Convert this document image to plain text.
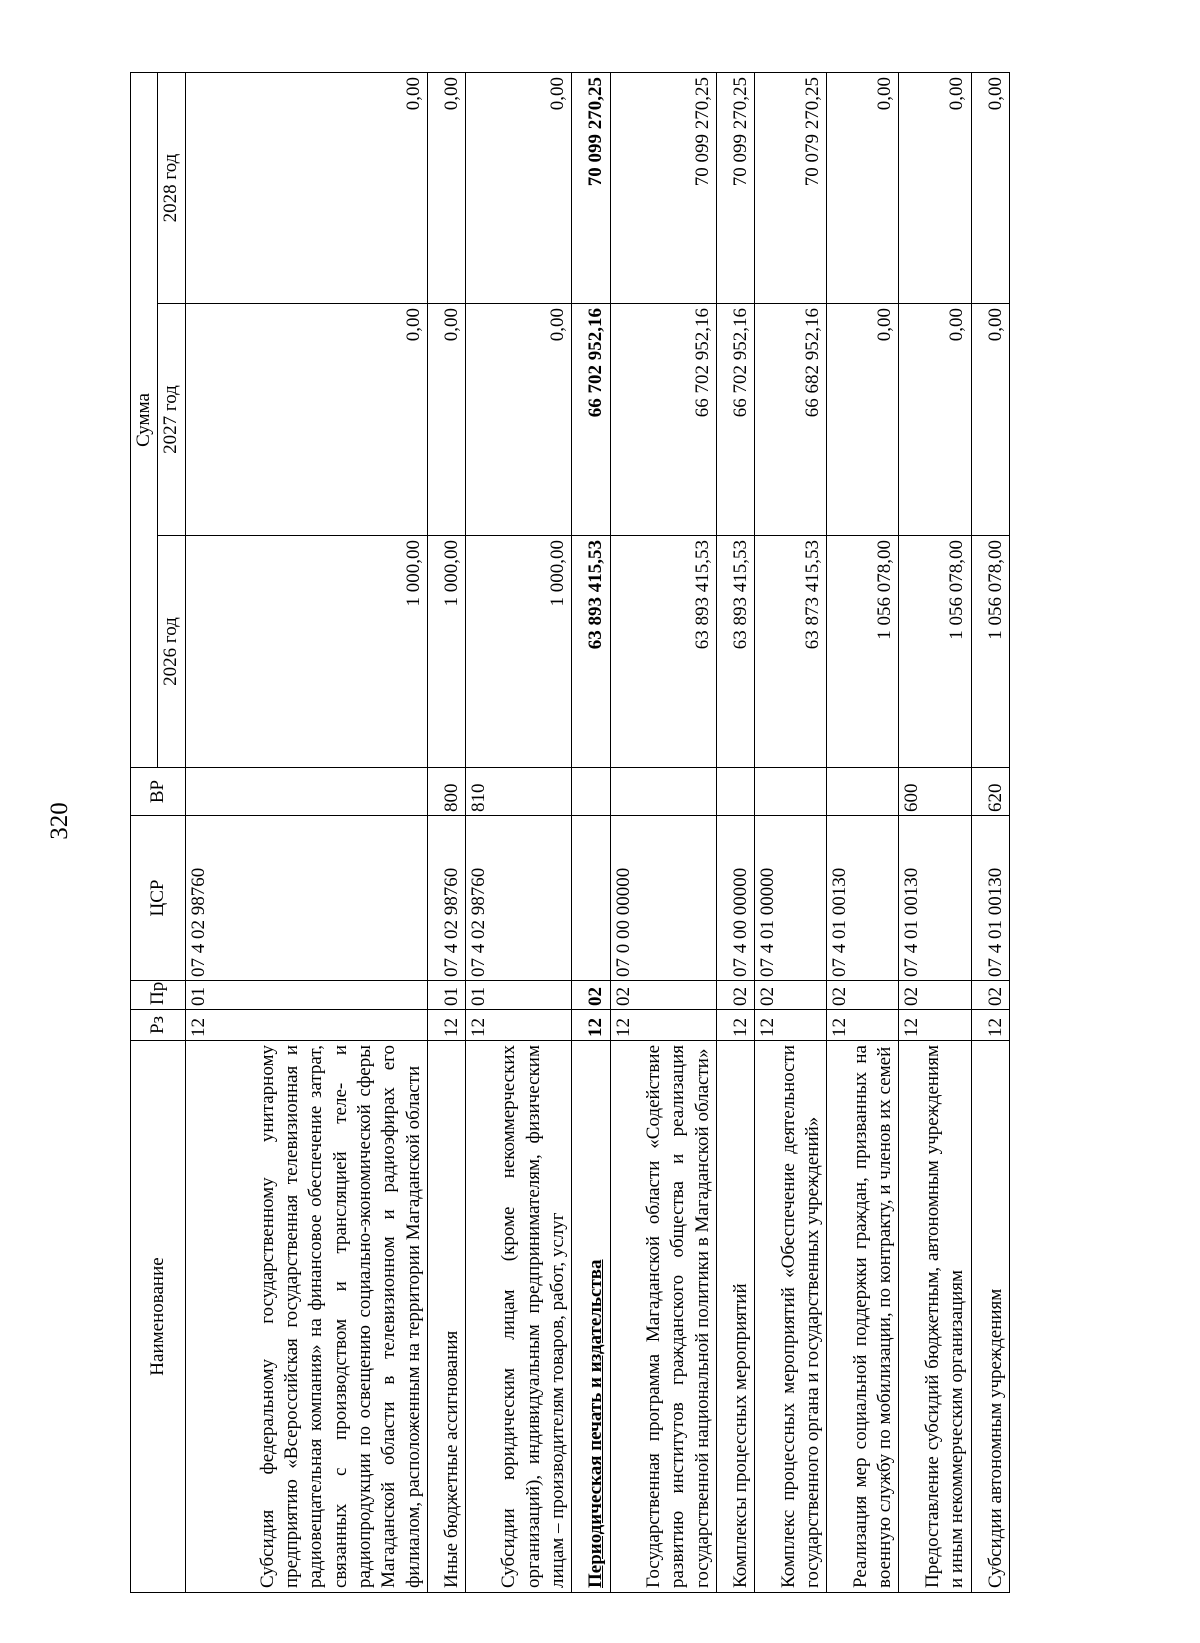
320
Наименование	Рз	Пр	ЦСР	ВР	Сумма		
					2026 год	2027 год	2028 год
Субсидия федеральному государственному унитарному предприятию «Всероссийская государственная телевизионная и радиовещательная компания» на финансовое обеспечение затрат, связанных с производством и трансляцией теле- и радиопродукции по освещению социально-экономической сферы Магаданской области в телевизионном и радиоэфирах его филиалом, расположенным на территории Магаданской области	12	01	07 4 02 98760		1 000,00	0,00	0,00
Иные бюджетные ассигнования	12	01	07 4 02 98760	800	1 000,00	0,00	0,00
Субсидии юридическим лицам (кроме некоммерческих организаций), индивидуальным предпринимателям, физическим лицам – производителям товаров, работ, услуг	12	01	07 4 02 98760	810	1 000,00	0,00	0,00
Периодическая печать и издательства	12	02			63 893 415,53	66 702 952,16	70 099 270,25
Государственная программа Магаданской области «Содействие развитию институтов гражданского общества и реализация государственной национальной политики в Магаданской области»	12	02	07 0 00 00000		63 893 415,53	66 702 952,16	70 099 270,25
Комплексы процессных мероприятий	12	02	07 4 00 00000		63 893 415,53	66 702 952,16	70 099 270,25
Комплекс процессных мероприятий «Обеспечение деятельности государственного органа и государственных учреждений»	12	02	07 4 01 00000		63 873 415,53	66 682 952,16	70 079 270,25
Реализация мер социальной поддержки граждан, призванных на военную службу по мобилизации, по контракту, и членов их семей	12	02	07 4 01 00130		1 056 078,00	0,00	0,00
Предоставление субсидий бюджетным, автономным учреждениям и иным некоммерческим организациям	12	02	07 4 01 00130	600	1 056 078,00	0,00	0,00
Субсидии автономным учреждениям	12	02	07 4 01 00130	620	1 056 078,00	0,00	0,00
